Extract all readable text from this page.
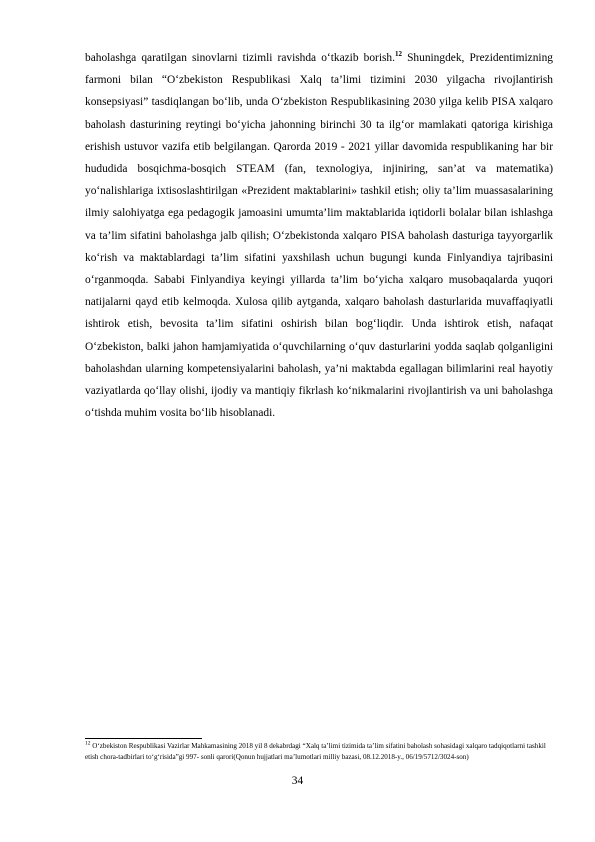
baholashga qaratilgan sinovlarni tizimli ravishda o‘tkazib borish.$^{12}$ Shuningdek, Prezidentimizning farmoni bilan “O‘zbekiston Respublikasi Xalq ta’limi tizimini 2030 yilgacha rivojlantirish konsepsiyasi” tasdiqlangan bo‘lib, unda O‘zbekiston Respublikasining 2030 yilga kelib PISA xalqaro baholash dasturining reytingi bo‘yicha jahonning birinchi 30 ta ilg‘or mamlakati qatoriga kirishiga erishish ustuvor vazifa etib belgilangan. Qarorda 2019 - 2021 yillar davomida respublikaning har bir hududida bosqichma-bosqich STEAM (fan, texnologiya, injiniring, san’at va matematika) yo‘nalishlariga ixtisoslashtirilgan «Prezident maktablarini» tashkil etish; oliy ta’lim muassasalarining ilmiy salohiyatga ega pedagogik jamoasini umumta’lim maktablarida iqtidorli bolalar bilan ishlashga va ta’lim sifatini baholashga jalb qilish; O‘zbekistonda xalqaro PISA baholash dasturiga tayyorgarlik ko‘rish va maktablardagi ta’lim sifatini yaxshilash uchun bugungi kunda Finlyandiya tajribasini o‘rganmoqda. Sababi Finlyandiya keyingi yillarda ta’lim bo‘yicha xalqaro musobaqalarda yuqori natijalarni qayd etib kelmoqda. Xulosa qilib aytganda, xalqaro baholash dasturlarida muvaffaqiyatli ishtirok etish, bevosita ta’lim sifatini oshirish bilan bog‘liqdir. Unda ishtirok etish, nafaqat O‘zbekiston, balki jahon hamjamiyatida o‘quvchilarning o‘quv dasturlarini yodda saqlab qolganligini baholashdan ularning kompetensiyalarini baholash, ya’ni maktabda egallagan bilimlarini real hayotiy vaziyatlarda qo‘llay olishi, ijodiy va mantiqiy fikrlash ko‘nikmalarini rivojlantirish va uni baholashga o‘tishda muhim vosita bo‘lib hisoblanadi.

$^{12}$ O‘zbekiston Respublikasi Vazirlar Mahkamasining 2018 yil 8 dekabrdagi “Xalq ta’limi tizimida ta’lim sifatini baholash sohasidagi xalqaro tadqiqotlarni tashkil etish chora-tadbirlari to‘g‘risida”gi 997- sonli qarori(Qonun hujjatlari ma’lumotlari milliy bazasi, 08.12.2018-y., 06/19/5712/3024-son)
34
